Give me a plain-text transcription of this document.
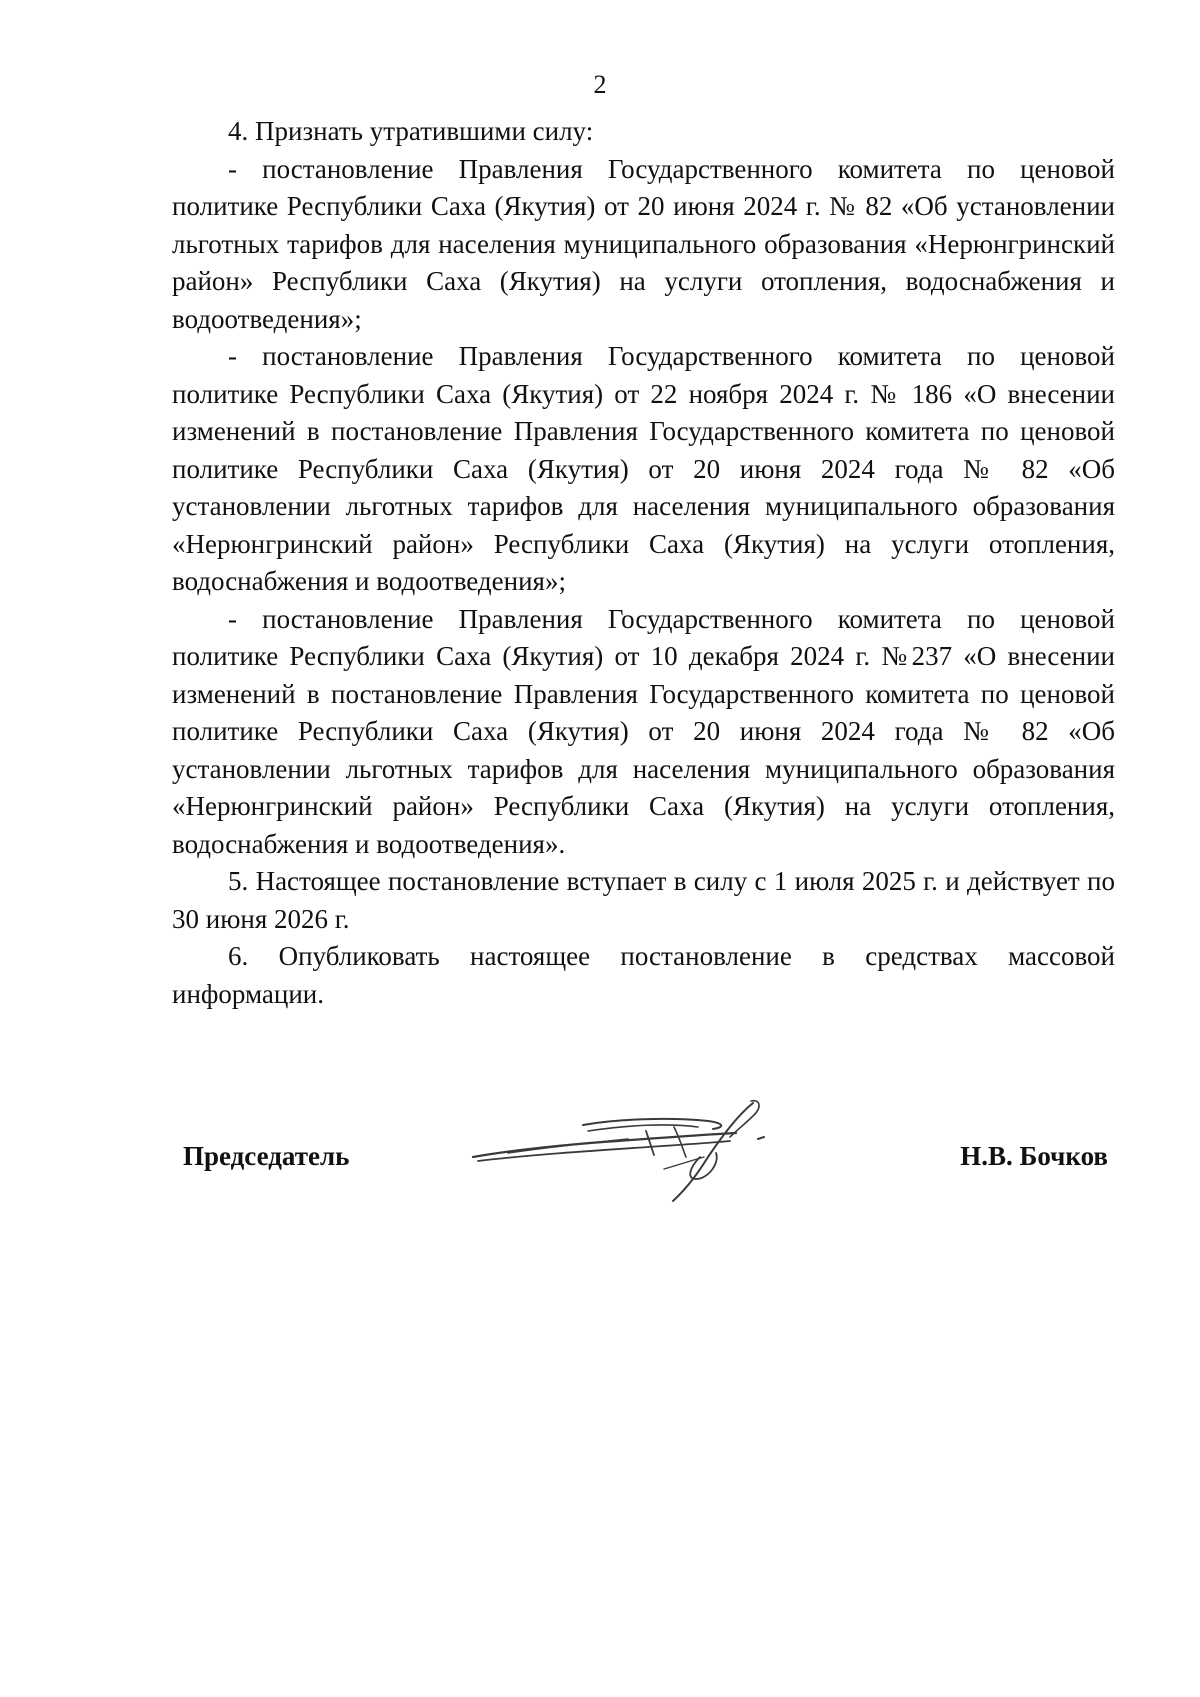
2

4. Признать утратившими силу:

- постановление Правления Государственного комитета по ценовой политике Республики Саха (Якутия) от 20 июня 2024 г. № 82 «Об установлении льготных тарифов для населения муниципального образования «Нерюнгринский район» Республики Саха (Якутия) на услуги отопления, водоснабжения и водоотведения»;

- постановление Правления Государственного комитета по ценовой политике Республики Саха (Якутия) от 22 ноября 2024 г. № 186 «О внесении изменений в постановление Правления Государственного комитета по ценовой политике Республики Саха (Якутия) от 20 июня 2024 года № 82 «Об установлении льготных тарифов для населения муниципального образования «Нерюнгринский район» Республики Саха (Якутия) на услуги отопления, водоснабжения и водоотведения»;

- постановление Правления Государственного комитета по ценовой политике Республики Саха (Якутия) от 10 декабря 2024 г. №237 «О внесении изменений в постановление Правления Государственного комитета по ценовой политике Республики Саха (Якутия) от 20 июня 2024 года № 82 «Об установлении льготных тарифов для населения муниципального образования «Нерюнгринский район» Республики Саха (Якутия) на услуги отопления, водоснабжения и водоотведения».

5. Настоящее постановление вступает в силу с 1 июля 2025 г. и действует по 30 июня 2026 г.

6. Опубликовать настоящее постановление в средствах массовой информации.

Председатель	Н.В. Бочков
